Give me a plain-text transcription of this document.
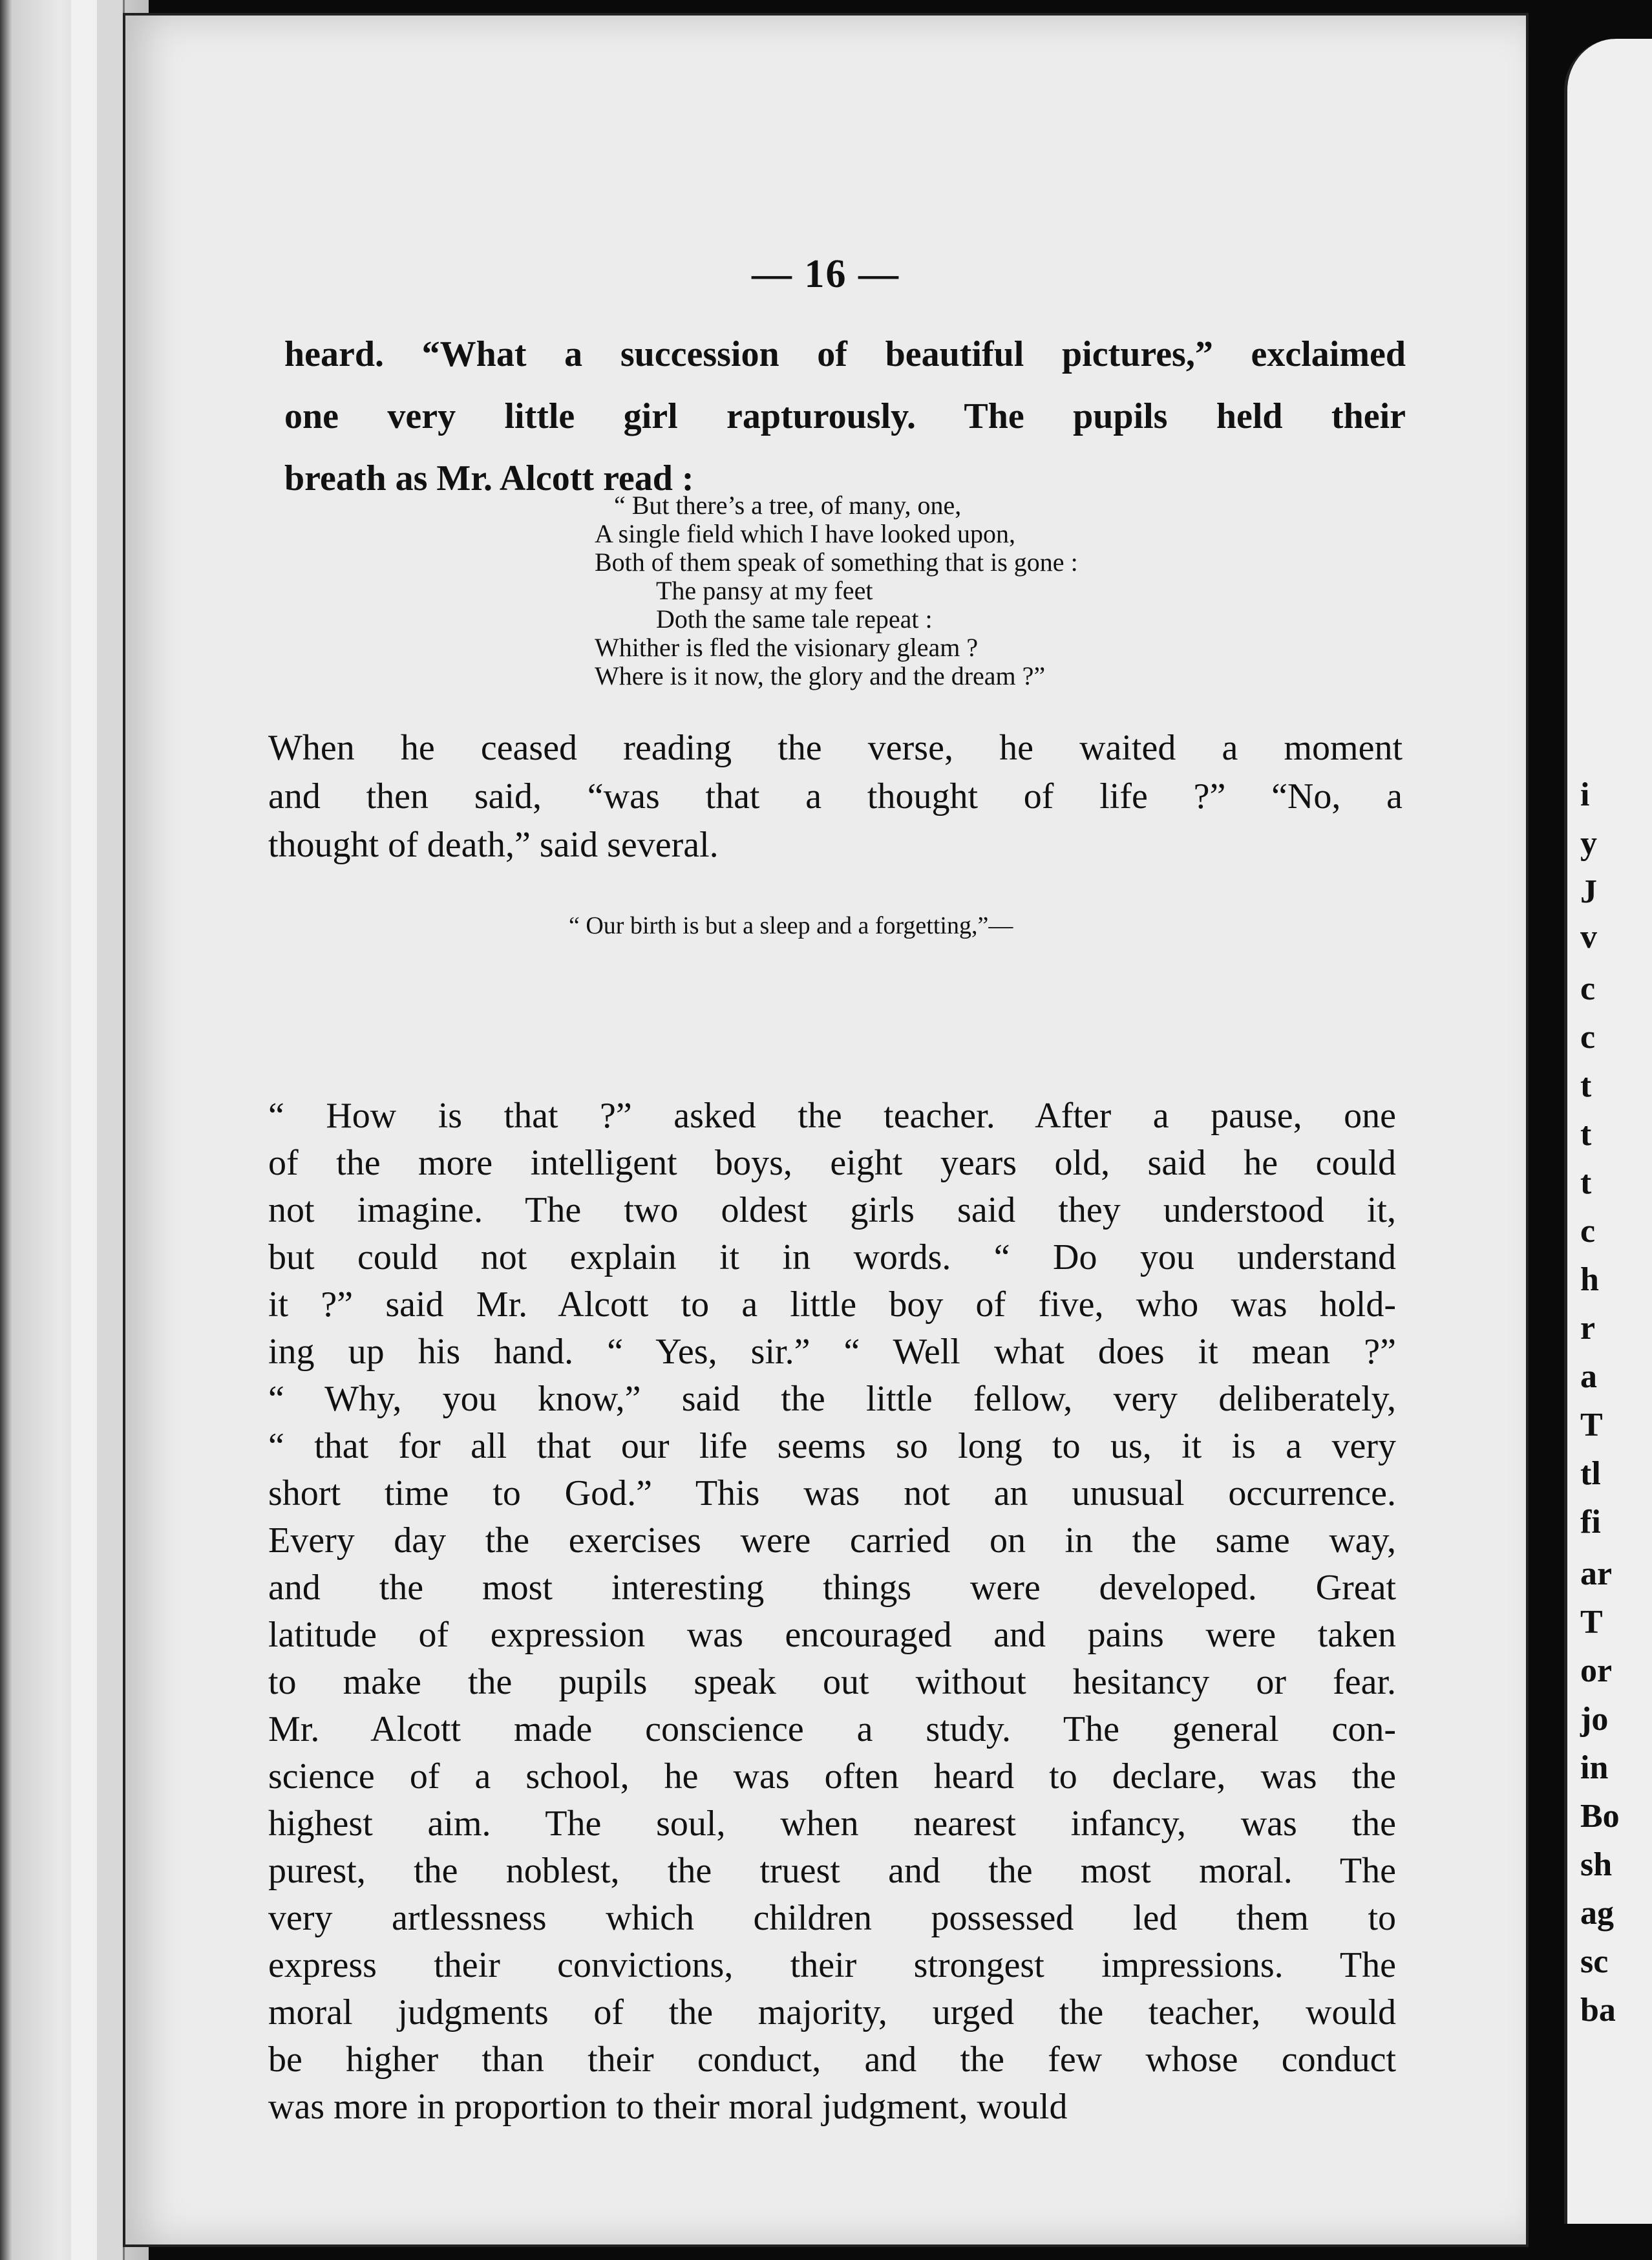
— 16 —
heard. “What a succession of beautiful pictures,” exclaimed
one very little girl rapturously. The pupils held their
breath as Mr. Alcott read :
“ But there’s a tree, of many, one,
A single field which I have looked upon,
Both of them speak of something that is gone :
The pansy at my feet
Doth the same tale repeat :
Whither is fled the visionary gleam ?
Where is it now, the glory and the dream ?”
When he ceased reading the verse, he waited a moment
and then said, “was that a thought of life ?” “No, a
thought of death,” said several.
“ Our birth is but a sleep and a forgetting,”—
“ How is that ?” asked the teacher. After a pause, one
of the more intelligent boys, eight years old, said he could
not imagine. The two oldest girls said they understood it,
but could not explain it in words. “ Do you understand
it ?” said Mr. Alcott to a little boy of five, who was hold-
ing up his hand. “ Yes, sir.” “ Well what does it mean ?”
“ Why, you know,” said the little fellow, very deliberately,
“ that for all that our life seems so long to us, it is a very
short time to God.” This was not an unusual occurrence.
Every day the exercises were carried on in the same way,
and the most interesting things were developed. Great
latitude of expression was encouraged and pains were taken
to make the pupils speak out without hesitancy or fear.
Mr. Alcott made conscience a study. The general con-
science of a school, he was often heard to declare, was the
highest aim. The soul, when nearest infancy, was the
purest, the noblest, the truest and the most moral. The
very artlessness which children possessed led them to
express their convictions, their strongest impressions. The
moral judgments of the majority, urged the teacher, would
be higher than their conduct, and the few whose conduct
was more in proportion to their moral judgment, would
i
y
J
v
c
c
t
t
t
c
h
r
a
T
tl
fi
ar
T
or
jo
in
Bo
sh
ag
sc
ba
